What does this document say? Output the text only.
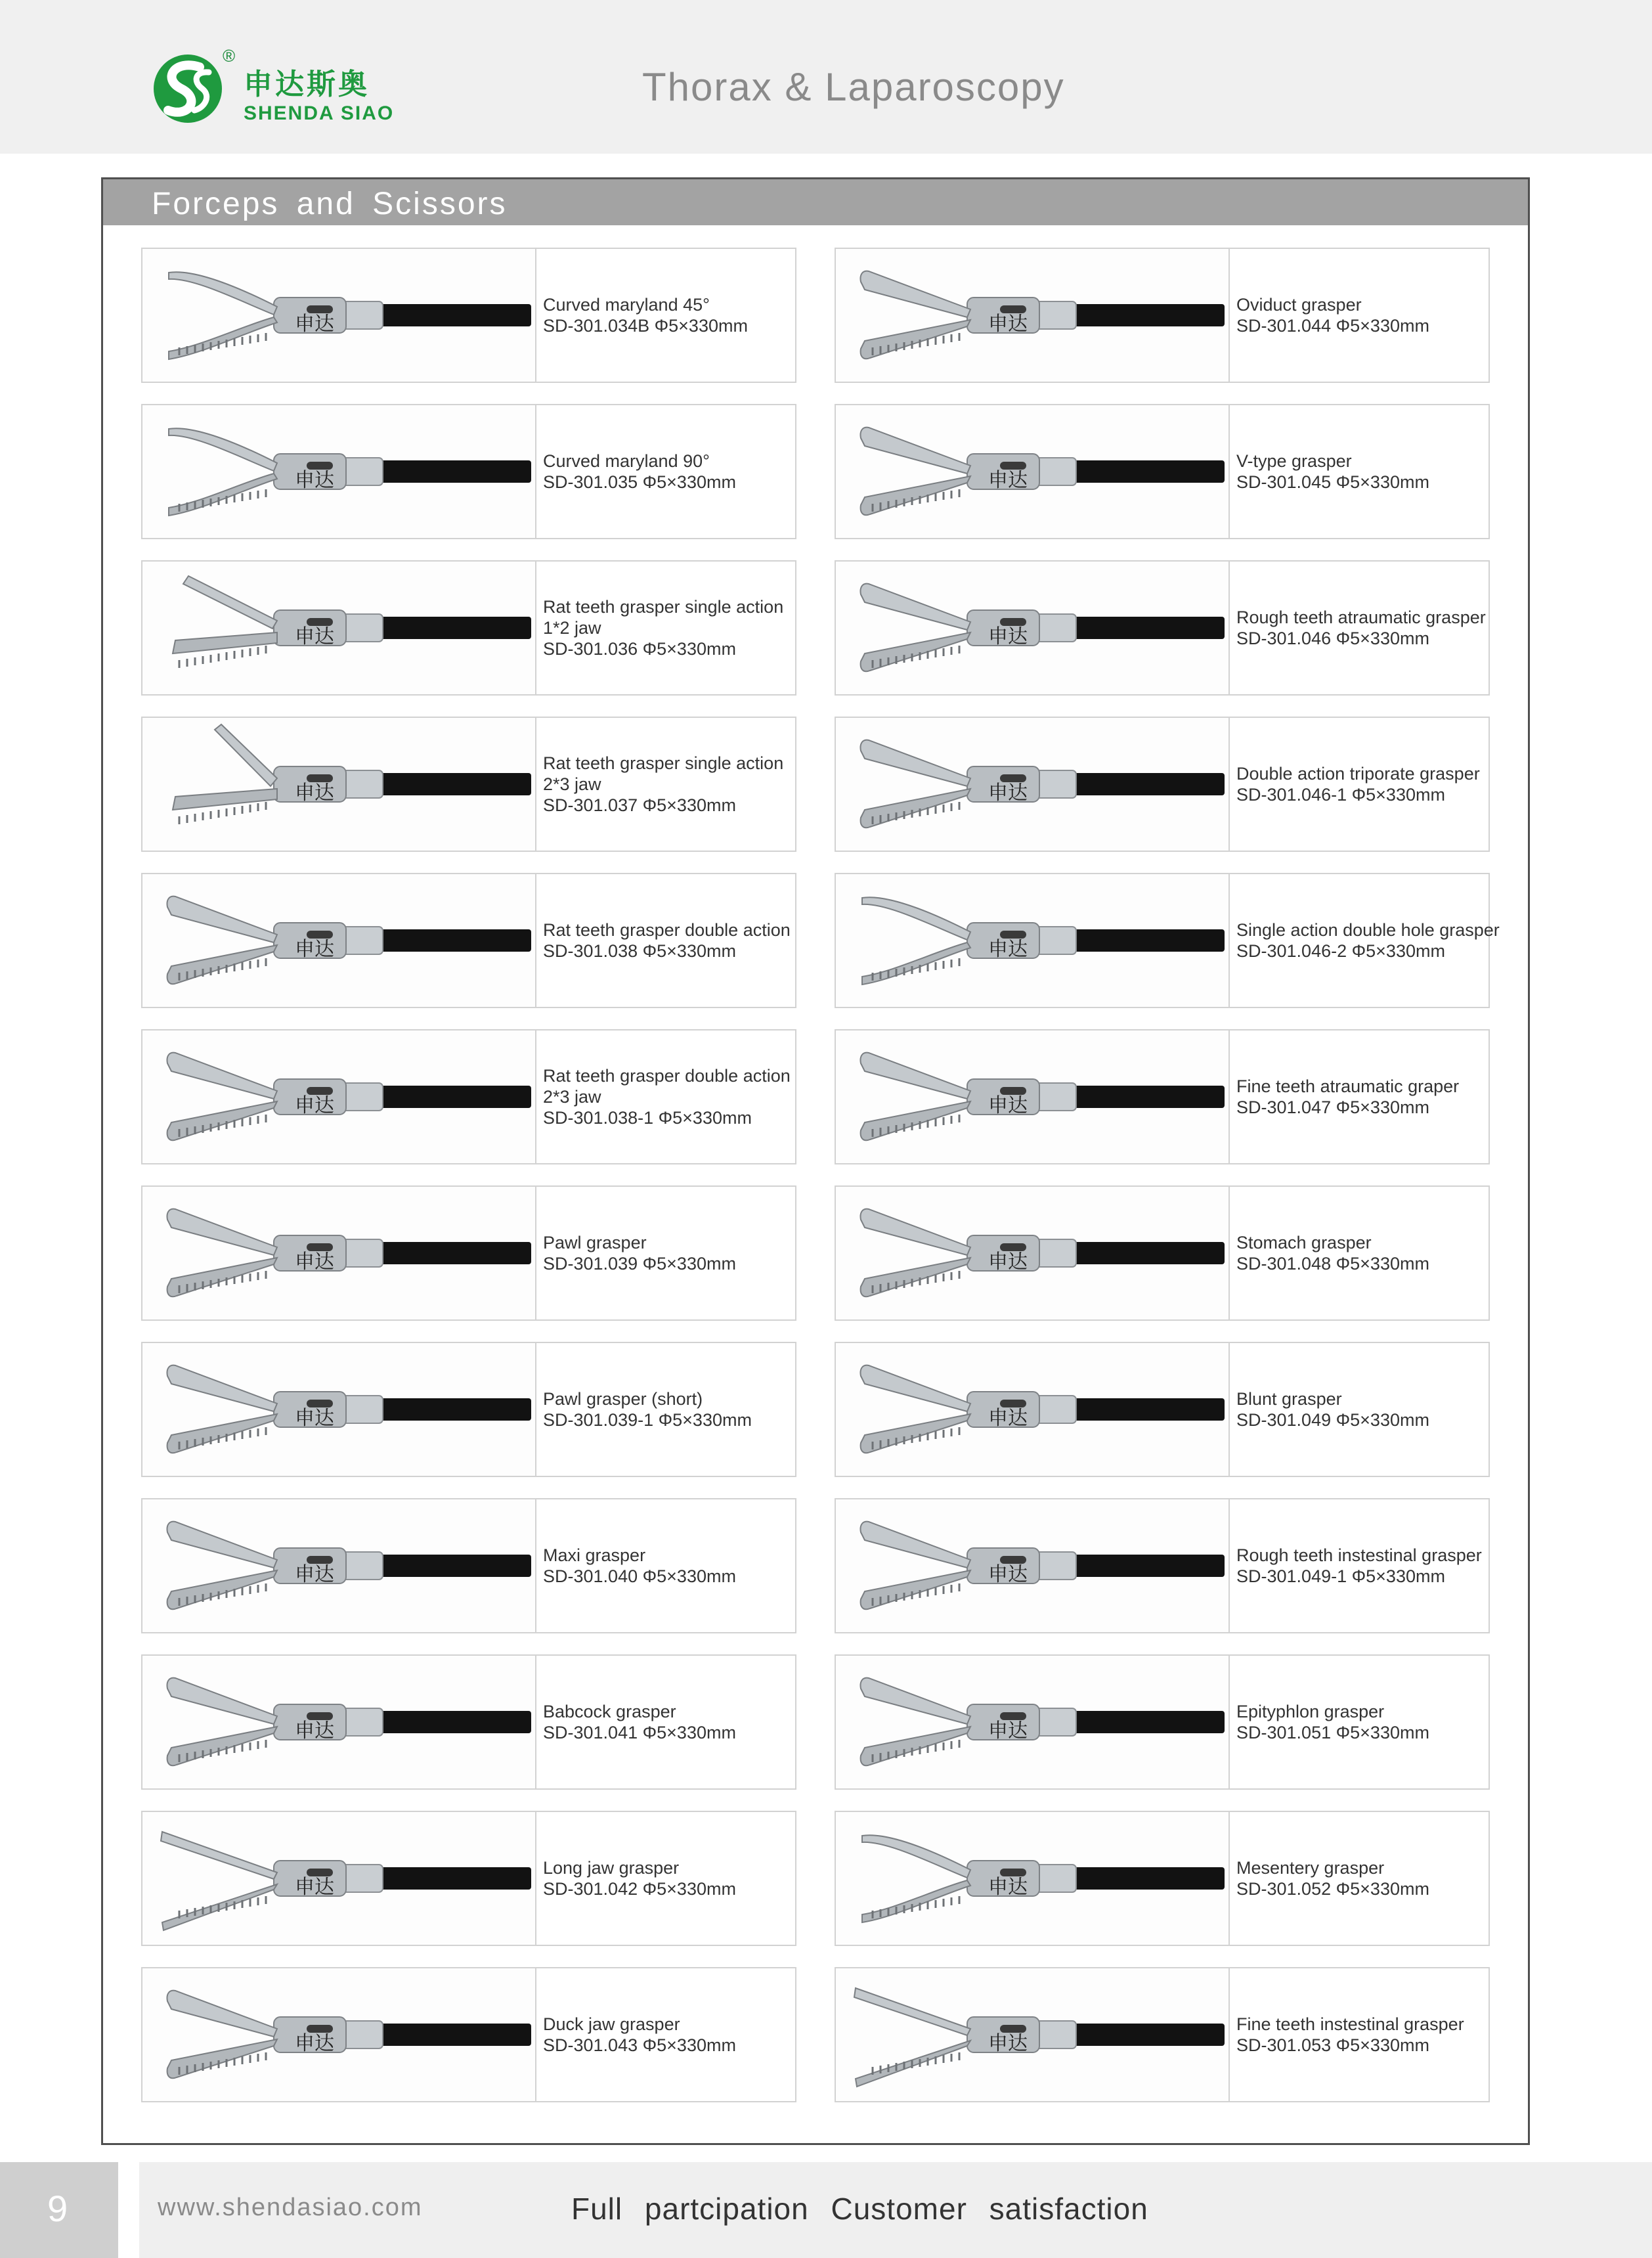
®
申达斯奥
SHENDA SIAO
Thorax & Laparoscopy
Forceps and Scissors
申达
Curved maryland 45°
SD-301.034B Φ5×330mm
申达
Curved maryland 90°
SD-301.035 Φ5×330mm
申达
Rat teeth grasper single action
1*2 jaw
SD-301.036 Φ5×330mm
申达
Rat teeth grasper single action
2*3 jaw
SD-301.037 Φ5×330mm
申达
Rat teeth grasper double action
SD-301.038 Φ5×330mm
申达
Rat teeth grasper double action
2*3 jaw
SD-301.038-1 Φ5×330mm
申达
Pawl grasper
SD-301.039 Φ5×330mm
申达
Pawl grasper (short)
SD-301.039-1 Φ5×330mm
申达
Maxi grasper
SD-301.040 Φ5×330mm
申达
Babcock grasper
SD-301.041 Φ5×330mm
申达
Long jaw grasper
SD-301.042 Φ5×330mm
申达
Duck jaw grasper
SD-301.043 Φ5×330mm
申达
Oviduct grasper
SD-301.044 Φ5×330mm
申达
V-type grasper
SD-301.045 Φ5×330mm
申达
Rough teeth atraumatic grasper
SD-301.046 Φ5×330mm
申达
Double action triporate grasper
SD-301.046-1 Φ5×330mm
申达
Single action double hole grasper
SD-301.046-2 Φ5×330mm
申达
Fine teeth atraumatic graper
SD-301.047 Φ5×330mm
申达
Stomach grasper
SD-301.048 Φ5×330mm
申达
Blunt grasper
SD-301.049 Φ5×330mm
申达
Rough teeth instestinal grasper
SD-301.049-1 Φ5×330mm
申达
Epityphlon grasper
SD-301.051 Φ5×330mm
申达
Mesentery grasper
SD-301.052 Φ5×330mm
申达
Fine teeth instestinal grasper
SD-301.053 Φ5×330mm
9	www.shendasiao.com	Full partcipation Customer satisfaction
